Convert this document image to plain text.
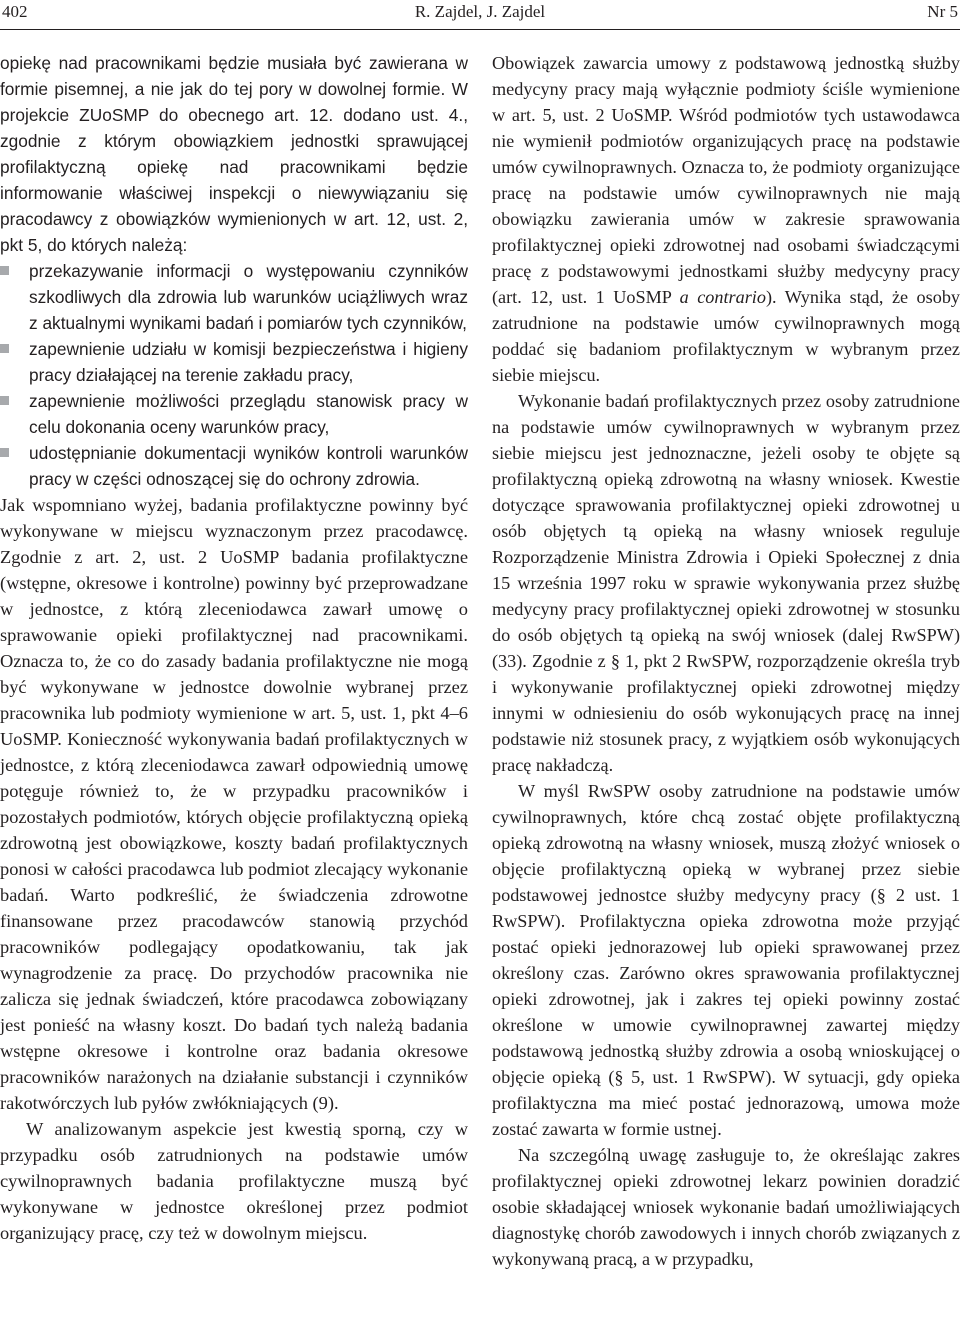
402	R. Zajdel, J. Zajdel	Nr 5

opiekę nad pracownikami będzie musiała być zawierana w formie pisemnej, a nie jak do tej pory w dowolnej formie. W projekcie ZUoSMP do obecnego art. 12. dodano ust. 4., zgodnie z którym obowiązkiem jednostki sprawującej profilaktyczną opiekę nad pracownikami będzie informowanie właściwej inspekcji o niewywiązaniu się pracodawcy z obowiązków wymienionych w art. 12, ust. 2, pkt 5, do których należą:

przekazywanie informacji o występowaniu czynników szkodliwych dla zdrowia lub warunków uciążliwych wraz z aktualnymi wynikami badań i pomiarów tych czynników,
zapewnienie udziału w komisji bezpieczeństwa i higieny pracy działającej na terenie zakładu pracy,
zapewnienie możliwości przeglądu stanowisk pracy w celu dokonania oceny warunków pracy,
udostępnianie dokumentacji wyników kontroli warunków pracy w części odnoszącej się do ochrony zdrowia.

Jak wspomniano wyżej, badania profilaktyczne powinny być wykonywane w miejscu wyznaczonym przez pracodawcę. Zgodnie z art. 2, ust. 2 UoSMP badania profilaktyczne (wstępne, okresowe i kontrolne) powinny być przeprowadzane w jednostce, z którą zleceniodawca zawarł umowę o sprawowanie opieki profilaktycznej nad pracownikami. Oznacza to, że co do zasady badania profilaktyczne nie mogą być wykonywane w jednostce dowolnie wybranej przez pracownika lub podmioty wymienione w art. 5, ust. 1, pkt 4–6 UoSMP. Konieczność wykonywania badań profilaktycznych w jednostce, z którą zleceniodawca zawarł odpowiednią umowę potęguje również to, że w przypadku pracowników i pozostałych podmiotów, których objęcie profilaktyczną opieką zdrowotną jest obowiązkowe, koszty badań profilaktycznych ponosi w całości pracodawca lub podmiot zlecający wykonanie badań. Warto podkreślić, że świadczenia zdrowotne finansowane przez pracodawców stanowią przychód pracowników podlegający opodatkowaniu, tak jak wynagrodzenie za pracę. Do przychodów pracownika nie zalicza się jednak świadczeń, które pracodawca zobowiązany jest ponieść na własny koszt. Do badań tych należą badania wstępne okresowe i kontrolne oraz badania okresowe pracowników narażonych na działanie substancji i czynników rakotwórczych lub pyłów zwłókniających (9).

W analizowanym aspekcie jest kwestią sporną, czy w przypadku osób zatrudnionych na podstawie umów cywilnoprawnych badania profilaktyczne muszą być wykonywane w jednostce określonej przez podmiot organizujący pracę, czy też w dowolnym miejscu.

Obowiązek zawarcia umowy z podstawową jednostką służby medycyny pracy mają wyłącznie podmioty ściśle wymienione w art. 5, ust. 2 UoSMP. Wśród podmiotów tych ustawodawca nie wymienił podmiotów organizujących pracę na podstawie umów cywilnoprawnych. Oznacza to, że podmioty organizujące pracę na podstawie umów cywilnoprawnych nie mają obowiązku zawierania umów w zakresie sprawowania profilaktycznej opieki zdrowotnej nad osobami świadczącymi pracę z podstawowymi jednostkami służby medycyny pracy (art. 12, ust. 1 UoSMP a contrario). Wynika stąd, że osoby zatrudnione na podstawie umów cywilnoprawnych mogą poddać się badaniom profilaktycznym w wybranym przez siebie miejscu.

Wykonanie badań profilaktycznych przez osoby zatrudnione na podstawie umów cywilnoprawnych w wybranym przez siebie miejscu jest jednoznaczne, jeżeli osoby te objęte są profilaktyczną opieką zdrowotną na własny wniosek. Kwestie dotyczące sprawowania profilaktycznej opieki zdrowotnej u osób objętych tą opieką na własny wniosek reguluje Rozporządzenie Ministra Zdrowia i Opieki Społecznej z dnia 15 września 1997 roku w sprawie wykonywania przez służbę medycyny pracy profilaktycznej opieki zdrowotnej w stosunku do osób objętych tą opieką na swój wniosek (dalej RwSPW) (33). Zgodnie z § 1, pkt 2 RwSPW, rozporządzenie określa tryb i wykonywanie profilaktycznej opieki zdrowotnej między innymi w odniesieniu do osób wykonujących pracę na innej podstawie niż stosunek pracy, z wyjątkiem osób wykonujących pracę nakładczą.

W myśl RwSPW osoby zatrudnione na podstawie umów cywilnoprawnych, które chcą zostać objęte profilaktyczną opieką zdrowotną na własny wniosek, muszą złożyć wniosek o objęcie profilaktyczną opieką w wybranej przez siebie podstawowej jednostce służby medycyny pracy (§ 2 ust. 1 RwSPW). Profilaktyczna opieka zdrowotna może przyjąć postać opieki jednorazowej lub opieki sprawowanej przez określony czas. Zarówno okres sprawowania profilaktycznej opieki zdrowotnej, jak i zakres tej opieki powinny zostać określone w umowie cywilnoprawnej zawartej między podstawową jednostką służby zdrowia a osobą wnioskującej o objęcie opieką (§ 5, ust. 1 RwSPW). W sytuacji, gdy opieka profilaktyczna ma mieć postać jednorazową, umowa może zostać zawarta w formie ustnej.

Na szczególną uwagę zasługuje to, że określając zakres profilaktycznej opieki zdrowotnej lekarz powinien doradzić osobie składającej wniosek wykonanie badań umożliwiających diagnostykę chorób zawodowych i innych chorób związanych z wykonywaną pracą, a w przypadku,
